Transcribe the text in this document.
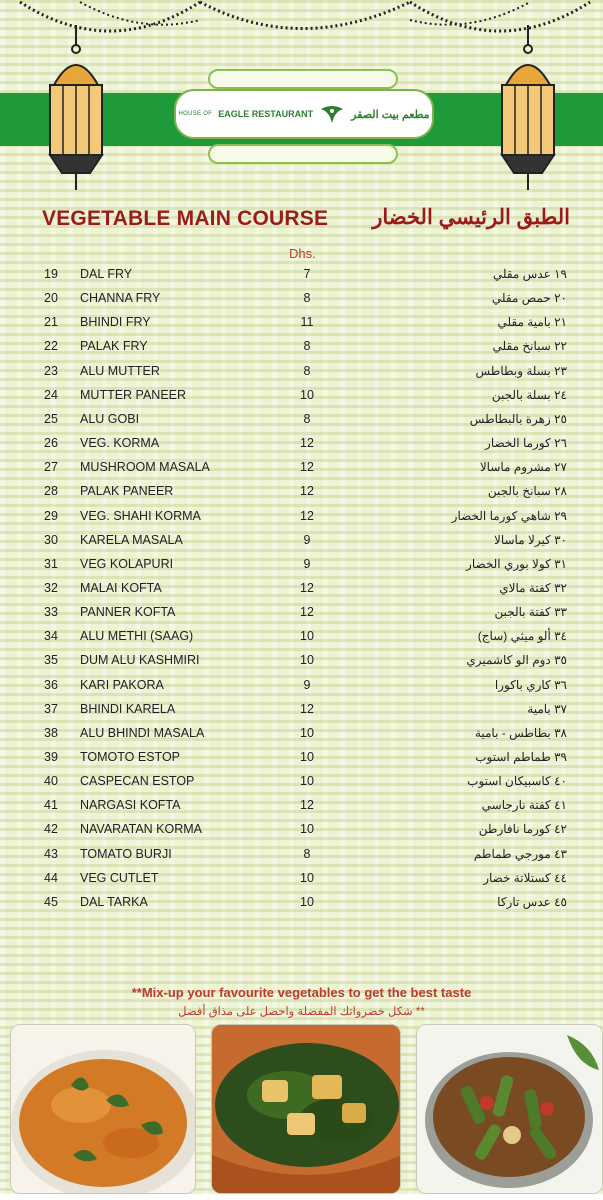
HOUSE OF EAGLE RESTAURANT	مطعم بيت الصقر
VEGETABLE MAIN COURSE الطبق الرئيسي الخضار
Dhs.
19 DAL FRY	7	١٩ عدس مقلي
20 CHANNA FRY	8	٢٠ حمص مقلي
21 BHINDI FRY	11	٢١ بامية مقلي
22 PALAK FRY	8	٢٢ سبانخ مقلي
23 ALU MUTTER	8	٢٣ بسلة وبطاطس
24 MUTTER PANEER	10	٢٤ بسلة بالجبن
25 ALU GOBI	8	٢٥ زهرة بالبطاطس
26 VEG. KORMA	12	٢٦ كورما الخضار
27 MUSHROOM MASALA	12	٢٧ مشروم ماسالا
28 PALAK PANEER	12	٢٨ سبانخ بالجبن
29 VEG. SHAHI KORMA	12	٢٩ شاهي كورما الخضار
30 KARELA MASALA	9	٣٠ كيرلا ماسالا
31 VEG KOLAPURI	9	٣١ كولا بوري الخضار
32 MALAI KOFTA	12	٣٢ كفتة مالاي
33 PANNER KOFTA	12	٣٣ كفتة بالجبن
34 ALU METHI (SAAG)	10	٣٤ ألو ميثي (ساج)
35 DUM ALU KASHMIRI	10	٣٥ دوم الو كاشميري
36 KARI PAKORA	9	٣٦ كاري باكورا
37 BHINDI KARELA	12	٣٧ بامية
38 ALU BHINDI MASALA	10	٣٨ بطاطس - بامية
39 TOMOTO ESTOP	10	٣٩ طماطم استوب
40 CASPECAN ESTOP	10	٤٠ كاسبيكان استوب
41 NARGASI KOFTA	12	٤١ كفتة نارجاسي
42 NAVARATAN KORMA	10	٤٢ كورما نافارطن
43 TOMATO BURJI	8	٤٣ مورجي طماطم
44 VEG CUTLET	10	٤٤ كستلاتة خضار
45 DAL TARKA	10	٤٥ عدس تاركا
**Mix-up your favourite vegetables to get the best taste
** شكل خضرواتك المفضلة واحصل على مذاق أفضل
